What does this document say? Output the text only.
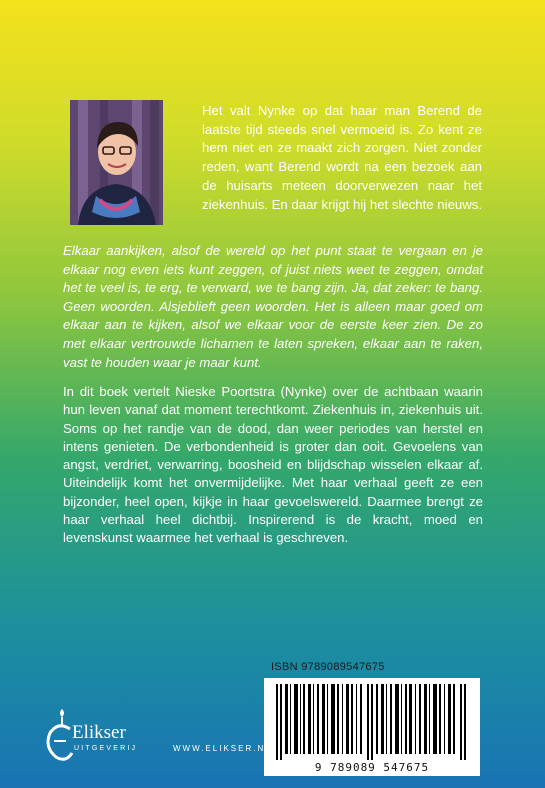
Het valt Nynke op dat haar man Berend de laatste tijd steeds snel vermoeid is. Zo kent ze hem niet en ze maakt zich zorgen. Niet zonder reden, want Berend wordt na een bezoek aan de huisarts meteen doorverwezen naar het ziekenhuis. En daar krijgt hij het slechte nieuws.

Elkaar aankijken, alsof de wereld op het punt staat te vergaan en je elkaar nog even iets kunt zeggen, of juist niets weet te zeggen, omdat het te veel is, te erg, te verward, we te bang zijn. Ja, dat zeker: te bang. Geen woorden. Alsjeblieft geen woorden. Het is alleen maar goed om elkaar aan te kijken, alsof we elkaar voor de eerste keer zien. De zo met elkaar vertrouwde lichamen te laten spreken, elkaar aan te raken, vast te houden waar je maar kunt.

In dit boek vertelt Nieske Poortstra (Nynke) over de achtbaan waarin hun leven vanaf dat moment terechtkomt. Ziekenhuis in, ziekenhuis uit. Soms op het randje van de dood, dan weer periodes van herstel en intens genieten. De verbondenheid is groter dan ooit. Gevoelens van angst, verdriet, verwarring, boosheid en blijdschap wisselen elkaar af. Uiteindelijk komt het onvermijdelijke. Met haar verhaal geeft ze een bijzonder, heel open, kijkje in haar gevoelswereld. Daarmee brengt ze haar verhaal heel dichtbij. Inspirerend is de kracht, moed en levenskunst waarmee het verhaal is geschreven.

ISBN 9789089547675
9 789089 547675
Elikser
UITGEVERIJ	WWW.ELIKSER.NL
